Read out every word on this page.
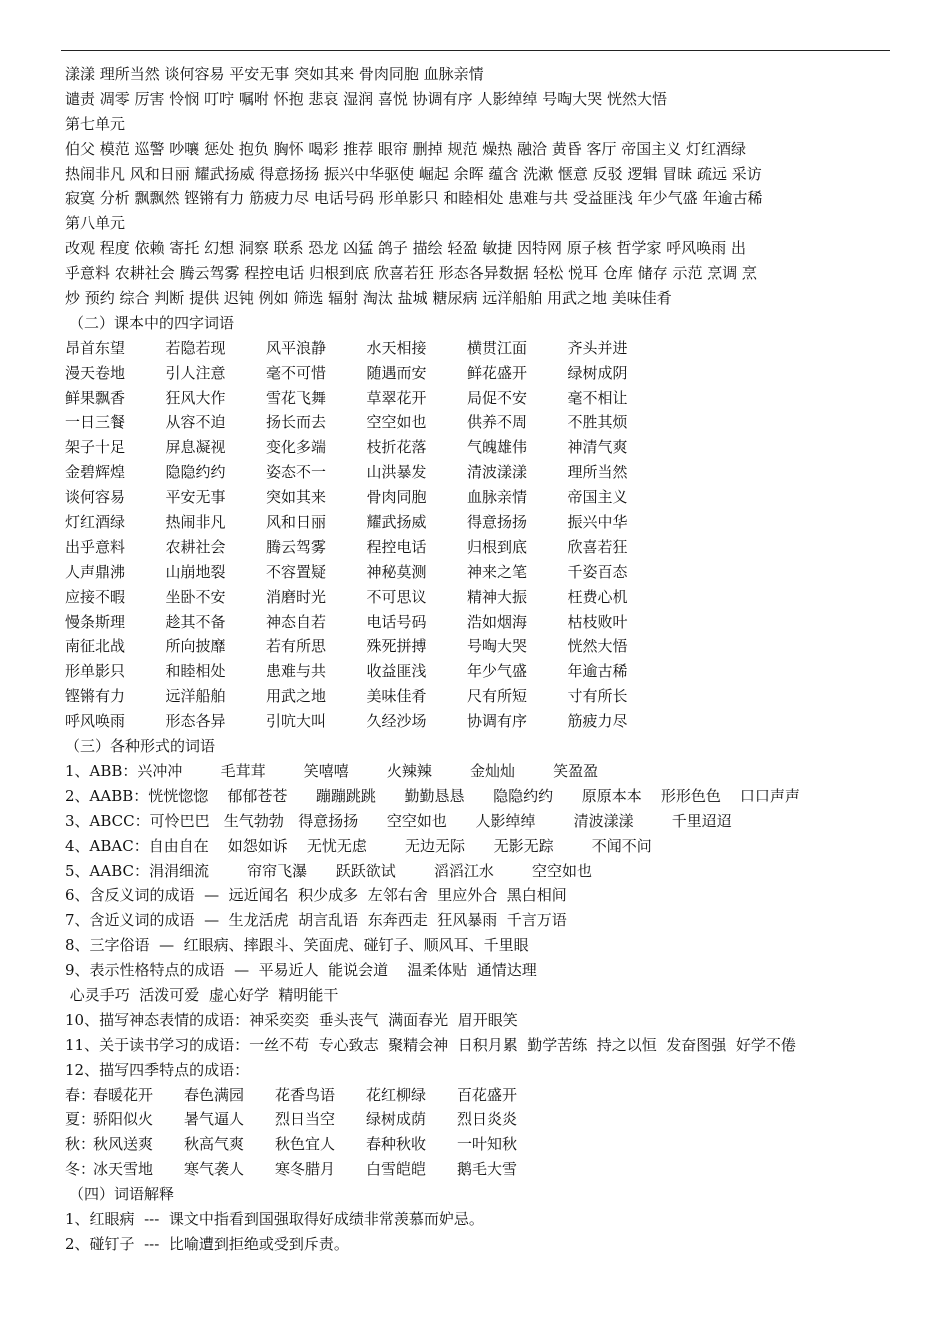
漾漾 理所当然 谈何容易 平安无事 突如其来 骨肉同胞 血脉亲情
谴责 凋零 厉害 怜悯 叮咛 嘱咐 怀抱 悲哀 湿润 喜悦 协调有序 人影绰绰 号啕大哭 恍然大悟
第七单元
伯父 模范 巡警 吵嚷 惩处 抱负 胸怀 喝彩 推荐 眼帘 删掉 规范 燥热 融洽 黄昏 客厅 帝国主义 灯红酒绿
热闹非凡 风和日丽 耀武扬威 得意扬扬 振兴中华驱使 崛起 余晖 蕴含 洗漱 惬意 反驳 逻辑 冒昧 疏远 采访
寂寞 分析 飘飘然 铿锵有力 筋疲力尽 电话号码 形单影只 和睦相处 患难与共 受益匪浅 年少气盛 年逾古稀
第八单元
改观 程度 依赖 寄托 幻想 洞察 联系 恐龙 凶猛 鸽子 描绘 轻盈 敏捷 因特网 原子核 哲学家 呼风唤雨 出
乎意料 农耕社会 腾云驾雾 程控电话 归根到底 欣喜若狂 形态各异数据 轻松 悦耳 仓库 储存 示范 烹调 烹
炒 预约 综合 判断 提供 迟钝 例如 筛选 辐射 淘汰 盐城 糖尿病 远洋船舶 用武之地 美味佳肴
（二）课本中的四字词语
昂首东望	若隐若现	风平浪静	水天相接	横贯江面	齐头并进
漫天卷地	引人注意	毫不可惜	随遇而安	鲜花盛开	绿树成阴
鲜果飘香	狂风大作	雪花飞舞	草翠花开	局促不安	毫不相让
一日三餐	从容不迫	扬长而去	空空如也	供养不周	不胜其烦
架子十足	屏息凝视	变化多端	枝折花落	气魄雄伟	神清气爽
金碧辉煌	隐隐约约	姿态不一	山洪暴发	清波漾漾	理所当然
谈何容易	平安无事	突如其来	骨肉同胞	血脉亲情	帝国主义
灯红酒绿	热闹非凡	风和日丽	耀武扬威	得意扬扬	振兴中华
出乎意料	农耕社会	腾云驾雾	程控电话	归根到底	欣喜若狂
人声鼎沸	山崩地裂	不容置疑	神秘莫测	神来之笔	千姿百态
应接不暇	坐卧不安	消磨时光	不可思议	精神大振	枉费心机
慢条斯理	趁其不备	神态自若	电话号码	浩如烟海	枯枝败叶
南征北战	所向披靡	若有所思	殊死拼搏	号啕大哭	恍然大悟
形单影只	和睦相处	患难与共	收益匪浅	年少气盛	年逾古稀
铿锵有力	远洋船舶	用武之地	美味佳肴	尺有所短	寸有所长
呼风唤雨	形态各异	引吭大叫	久经沙场	协调有序	筋疲力尽
（三）各种形式的词语
1、ABB：兴冲冲        毛茸茸        笑嘻嘻        火辣辣        金灿灿        笑盈盈
2、AABB：恍恍惚惚    郁郁苍苍      蹦蹦跳跳      勤勤恳恳      隐隐约约      原原本本    形形色色    口口声声
3、ABCC：可怜巴巴   生气勃勃   得意扬扬      空空如也      人影绰绰        清波漾漾        千里迢迢
4、ABAC：自由自在    如怨如诉    无忧无虑        无边无际      无影无踪        不闻不问
5、AABC：涓涓细流        帘帘飞瀑      跃跃欲试        滔滔江水        空空如也
6、含反义词的成语  —  远近闻名  积少成多  左邻右舍  里应外合  黑白相间
7、含近义词的成语  —  生龙活虎  胡言乱语  东奔西走  狂风暴雨  千言万语
8、三字俗语  —  红眼病、摔跟斗、笑面虎、碰钉子、顺风耳、千里眼
9、表示性格特点的成语  —  平易近人  能说会道    温柔体贴  通情达理
心灵手巧  活泼可爱  虚心好学  精明能干
10、描写神态表情的成语：神采奕奕  垂头丧气  满面春光  眉开眼笑
11、关于读书学习的成语：一丝不苟  专心致志  聚精会神  日积月累  勤学苦练  持之以恒  发奋图强  好学不倦
12、描写四季特点的成语：
春：春暖花开 春色满园 花香鸟语 花红柳绿 百花盛开
夏：骄阳似火 暑气逼人 烈日当空 绿树成荫 烈日炎炎
秋：秋风送爽 秋高气爽 秋色宜人 春种秋收 一叶知秋
冬：冰天雪地 寒气袭人 寒冬腊月 白雪皑皑 鹅毛大雪
（四）词语解释
1、红眼病  ---  课文中指看到国强取得好成绩非常羡慕而妒忌。
2、碰钉子  ---  比喻遭到拒绝或受到斥责。
